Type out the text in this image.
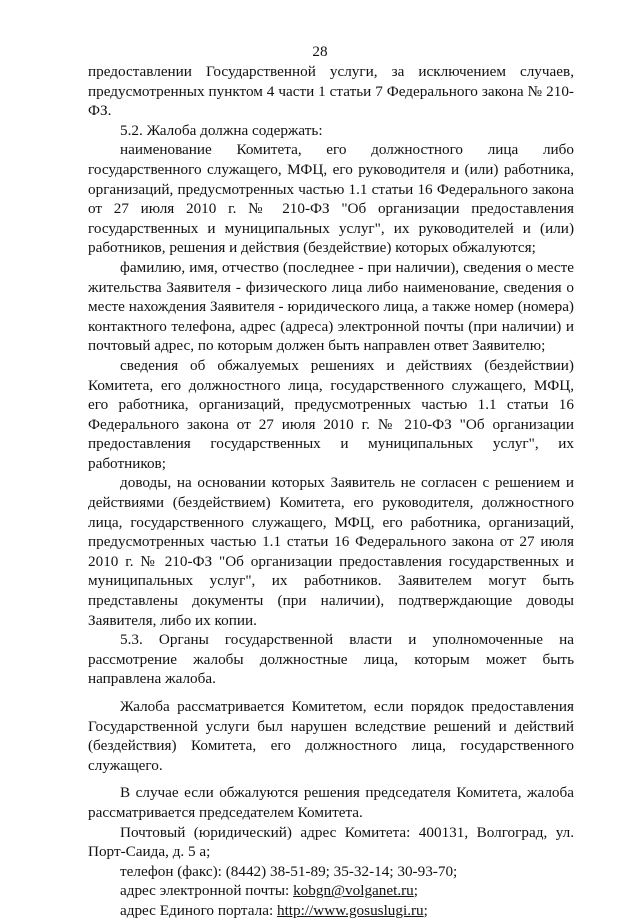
28

предоставлении Государственной услуги, за исключением случаев, предусмотренных пунктом 4 части 1 статьи 7 Федерального закона № 210-ФЗ.

5.2. Жалоба должна содержать:

наименование Комитета, его должностного лица либо государственного служащего, МФЦ, его руководителя и (или) работника, организаций, предусмотренных частью 1.1 статьи 16 Федерального закона от 27 июля 2010 г. № 210-ФЗ "Об организации предоставления государственных и муниципальных услуг", их руководителей и (или) работников, решения и действия (бездействие) которых обжалуются;

фамилию, имя, отчество (последнее - при наличии), сведения о месте жительства Заявителя - физического лица либо наименование, сведения о месте нахождения Заявителя - юридического лица, а также номер (номера) контактного телефона, адрес (адреса) электронной почты (при наличии) и почтовый адрес, по которым должен быть направлен ответ Заявителю;

сведения об обжалуемых решениях и действиях (бездействии) Комитета, его должностного лица, государственного служащего, МФЦ, его работника, организаций, предусмотренных частью 1.1 статьи 16 Федерального закона от 27 июля 2010 г. № 210-ФЗ "Об организации предоставления государственных и муниципальных услуг", их работников;

доводы, на основании которых Заявитель не согласен с решением и действиями (бездействием) Комитета, его руководителя, должностного лица, государственного служащего, МФЦ, его работника, организаций, предусмотренных частью 1.1 статьи 16 Федерального закона от 27 июля 2010 г. № 210-ФЗ "Об организации предоставления государственных и муниципальных услуг", их работников. Заявителем могут быть представлены документы (при наличии), подтверждающие доводы Заявителя, либо их копии.

5.3. Органы государственной власти и уполномоченные на рассмотрение жалобы должностные лица, которым может быть направлена жалоба.

Жалоба рассматривается Комитетом, если порядок предоставления Государственной услуги был нарушен вследствие решений и действий (бездействия) Комитета, его должностного лица, государственного служащего.

В случае если обжалуются решения председателя Комитета, жалоба рассматривается председателем Комитета.

Почтовый (юридический) адрес Комитета: 400131, Волгоград, ул. Порт-Саида, д. 5 а;

телефон (факс): (8442) 38-51-89; 35-32-14; 30-93-70;

адрес электронной почты: kobgn@volganet.ru;

адрес Единого портала: http://www.gosuslugi.ru;
